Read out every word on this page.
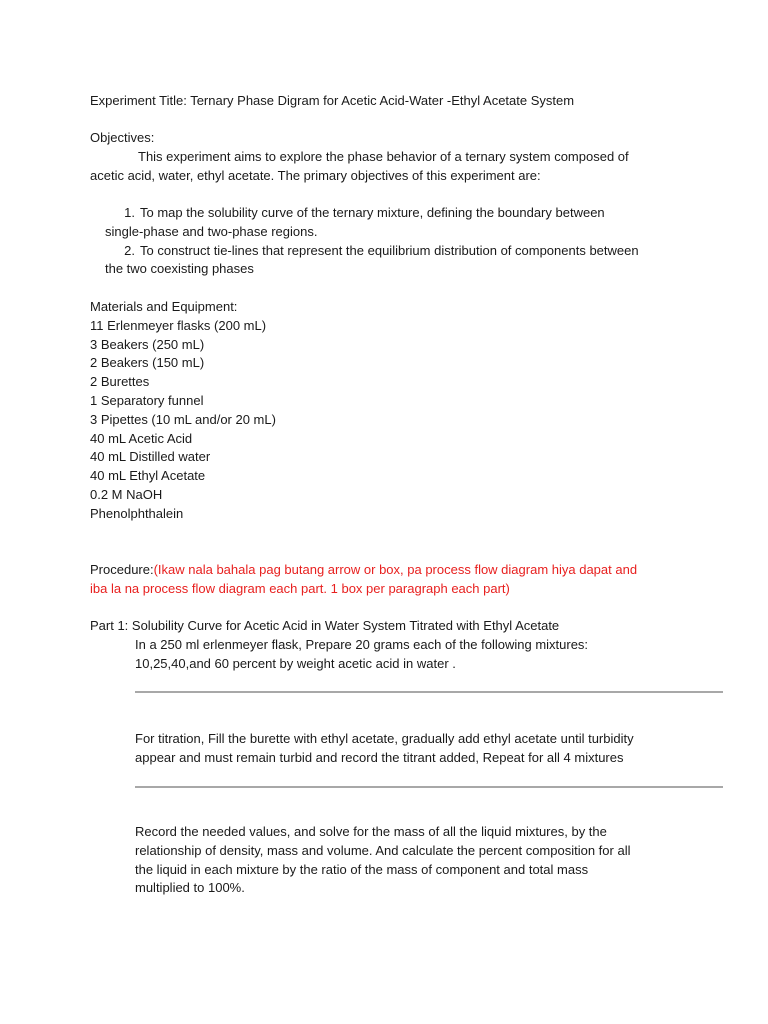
Experiment Title: Ternary Phase Digram for Acetic Acid-Water -Ethyl Acetate System
Objectives:
This experiment aims to explore the phase behavior of a ternary system composed of
acetic acid, water, ethyl acetate. The primary objectives of this experiment are:
1. To map the solubility curve of the ternary mixture, defining the boundary between
single-phase and two-phase regions.
2. To construct tie-lines that represent the equilibrium distribution of components between
the two coexisting phases
Materials and Equipment:
11 Erlenmeyer flasks (200 mL)
3 Beakers (250 mL)
2 Beakers (150 mL)
2 Burettes
1 Separatory funnel
3 Pipettes (10 mL and/or 20 mL)
40 mL Acetic Acid
40 mL Distilled water
40 mL Ethyl Acetate
0.2 M NaOH
Phenolphthalein
Procedure:(Ikaw nala bahala pag butang arrow or box, pa process flow diagram hiya dapat and
iba la na process flow diagram each part. 1 box per paragraph each part)
Part 1: Solubility Curve for Acetic Acid in Water System Titrated with Ethyl Acetate
In a 250 ml erlenmeyer flask, Prepare 20 grams each of the following mixtures:
10,25,40,and 60 percent by weight acetic acid in water .
For titration, Fill the burette with ethyl acetate, gradually add ethyl acetate until turbidity
appear and must remain turbid and record the titrant added, Repeat for all 4 mixtures
Record the needed values, and solve for the mass of all the liquid mixtures, by the
relationship of density, mass and volume. And calculate the percent composition for all
the liquid in each mixture by the ratio of the mass of component and total mass
multiplied to 100%.
